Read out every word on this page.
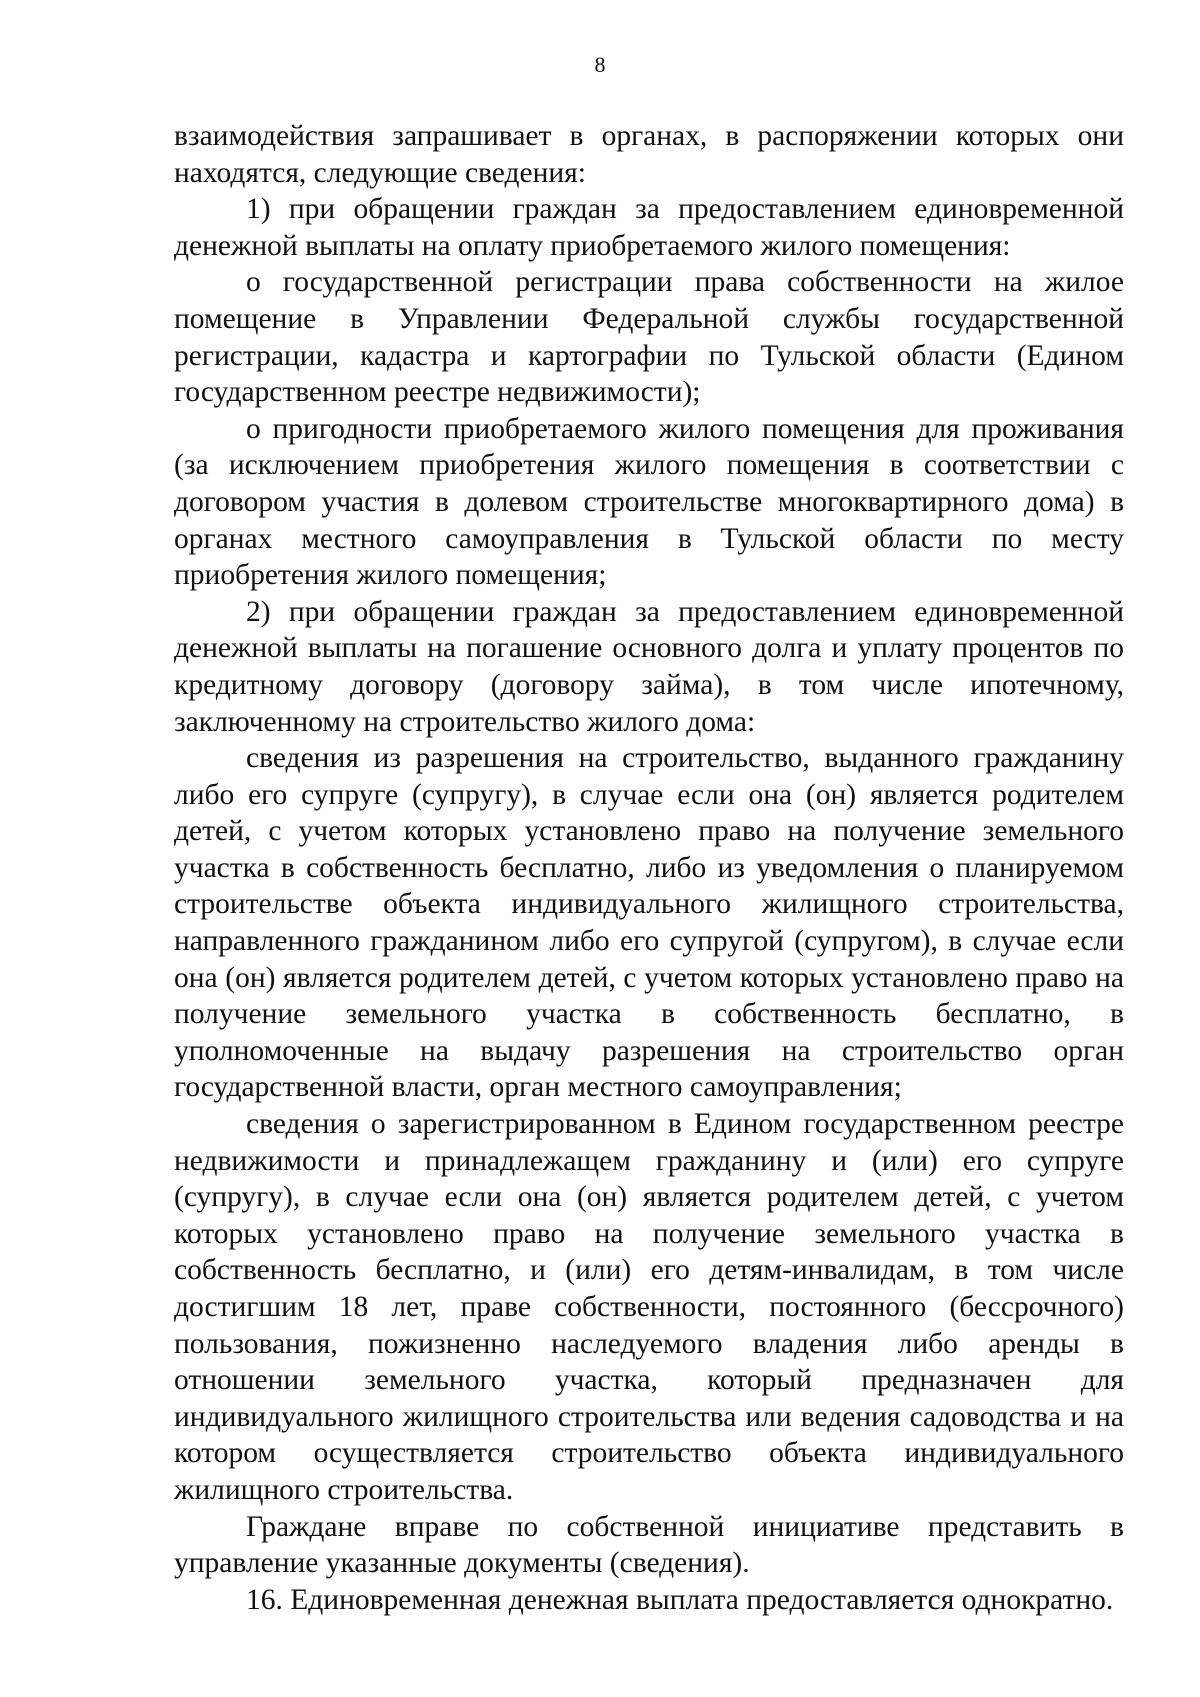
8

взаимодействия запрашивает в органах, в распоряжении которых они находятся, следующие сведения:

1) при обращении граждан за предоставлением единовременной денежной выплаты на оплату приобретаемого жилого помещения:

о государственной регистрации права собственности на жилое помещение в Управлении Федеральной службы государственной регистрации, кадастра и картографии по Тульской области (Едином государственном реестре недвижимости);

о пригодности приобретаемого жилого помещения для проживания (за исключением приобретения жилого помещения в соответствии с договором участия в долевом строительстве многоквартирного дома) в органах местного самоуправления в Тульской области по месту приобретения жилого помещения;

2) при обращении граждан за предоставлением единовременной денежной выплаты на погашение основного долга и уплату процентов по кредитному договору (договору займа), в том числе ипотечному, заключенному на строительство жилого дома:

сведения из разрешения на строительство, выданного гражданину либо его супруге (супругу), в случае если она (он) является родителем детей, с учетом которых установлено право на получение земельного участка в собственность бесплатно, либо из уведомления о планируемом строительстве объекта индивидуального жилищного строительства, направленного гражданином либо его супругой (супругом), в случае если она (он) является родителем детей, с учетом которых установлено право на получение земельного участка в собственность бесплатно, в уполномоченные на выдачу разрешения на строительство орган государственной власти, орган местного самоуправления;

сведения о зарегистрированном в Едином государственном реестре недвижимости и принадлежащем гражданину и (или) его супруге (супругу), в случае если она (он) является родителем детей, с учетом которых установлено право на получение земельного участка в собственность бесплатно, и (или) его детям-инвалидам, в том числе достигшим 18 лет, праве собственности, постоянного (бессрочного) пользования, пожизненно наследуемого владения либо аренды в отношении земельного участка, который предназначен для индивидуального жилищного строительства или ведения садоводства и на котором осуществляется строительство объекта индивидуального жилищного строительства.

Граждане вправе по собственной инициативе представить в управление указанные документы (сведения).

16. Единовременная денежная выплата предоставляется однократно.
